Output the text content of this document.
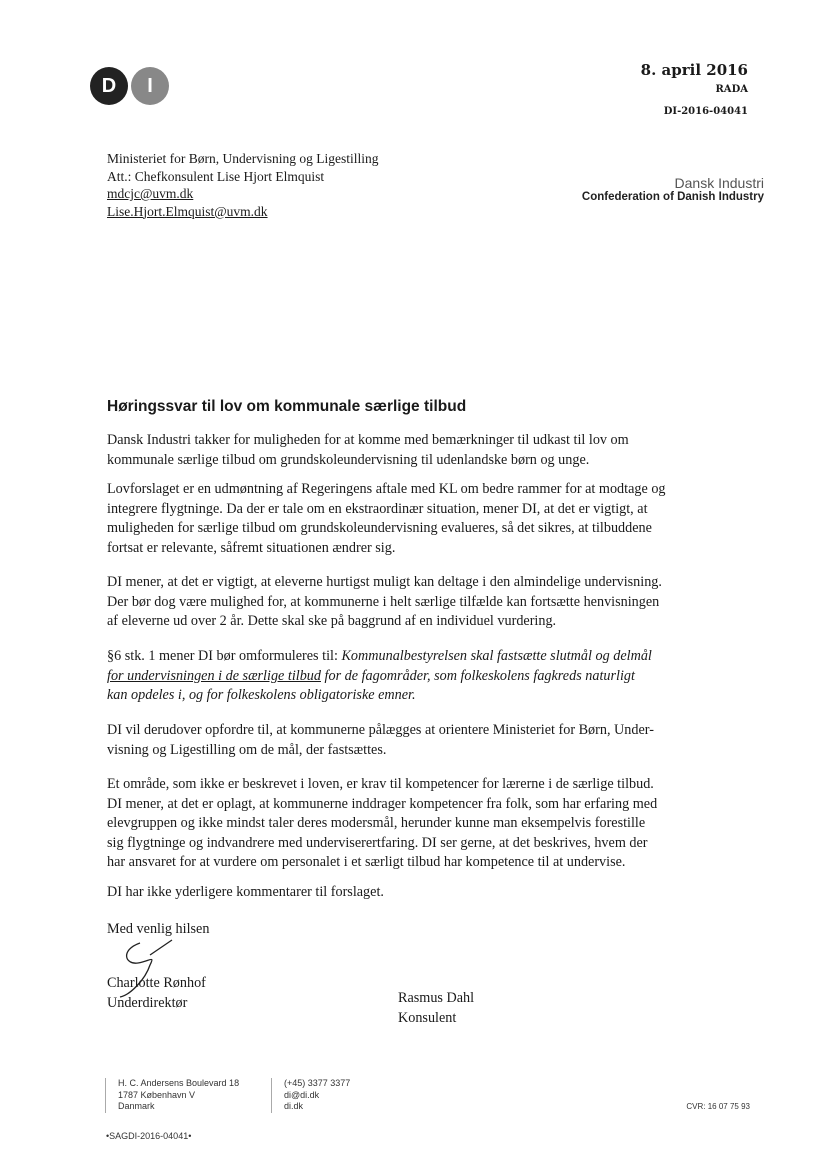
D	I
8. april 2016
RADA
DI-2016-04041
Ministeriet for Børn, Undervisning og Ligestilling
Att.: Chefkonsulent Lise Hjort Elmquist
mdcjc@uvm.dk
Lise.Hjort.Elmquist@uvm.dk
Dansk Industri
Confederation of Danish Industry
Høringssvar til lov om kommunale særlige tilbud
Dansk Industri takker for muligheden for at komme med bemærkninger til udkast til lov om
kommunale særlige tilbud om grundskoleundervisning til udenlandske børn og unge.
Lovforslaget er en udmøntning af Regeringens aftale med KL om bedre rammer for at modtage og
integrere flygtninge. Da der er tale om en ekstraordinær situation, mener DI, at det er vigtigt, at
muligheden for særlige tilbud om grundskoleundervisning evalueres, så det sikres, at tilbuddene
fortsat er relevante, såfremt situationen ændrer sig.
DI mener, at det er vigtigt, at eleverne hurtigst muligt kan deltage i den almindelige undervisning.
Der bør dog være mulighed for, at kommunerne i helt særlige tilfælde kan fortsætte henvisningen
af eleverne ud over 2 år. Dette skal ske på baggrund af en individuel vurdering.
§6 stk. 1 mener DI bør omformuleres til: Kommunalbestyrelsen skal fastsætte slutmål og delmål
for undervisningen i de særlige tilbud for de fagområder, som folkeskolens fagkreds naturligt
kan opdeles i, og for folkeskolens obligatoriske emner.
DI vil derudover opfordre til, at kommunerne pålægges at orientere Ministeriet for Børn, Under-
visning og Ligestilling om de mål, der fastsættes.
Et område, som ikke er beskrevet i loven, er krav til kompetencer for lærerne i de særlige tilbud.
DI mener, at det er oplagt, at kommunerne inddrager kompetencer fra folk, som har erfaring med
elevgruppen og ikke mindst taler deres modersmål, herunder kunne man eksempelvis forestille
sig flygtninge og indvandrere med underviserertfaring. DI ser gerne, at det beskrives, hvem der
har ansvaret for at vurdere om personalet i et særligt tilbud har kompetence til at undervise.
DI har ikke yderligere kommentarer til forslaget.
Med venlig hilsen
Charlotte Rønhof
Underdirektør	Rasmus Dahl
Konsulent
H. C. Andersens Boulevard 18
1787 København V
Danmark
(+45) 3377 3377
di@di.dk
di.dk	CVR: 16 07 75 93
•SAGDI-2016-04041•
